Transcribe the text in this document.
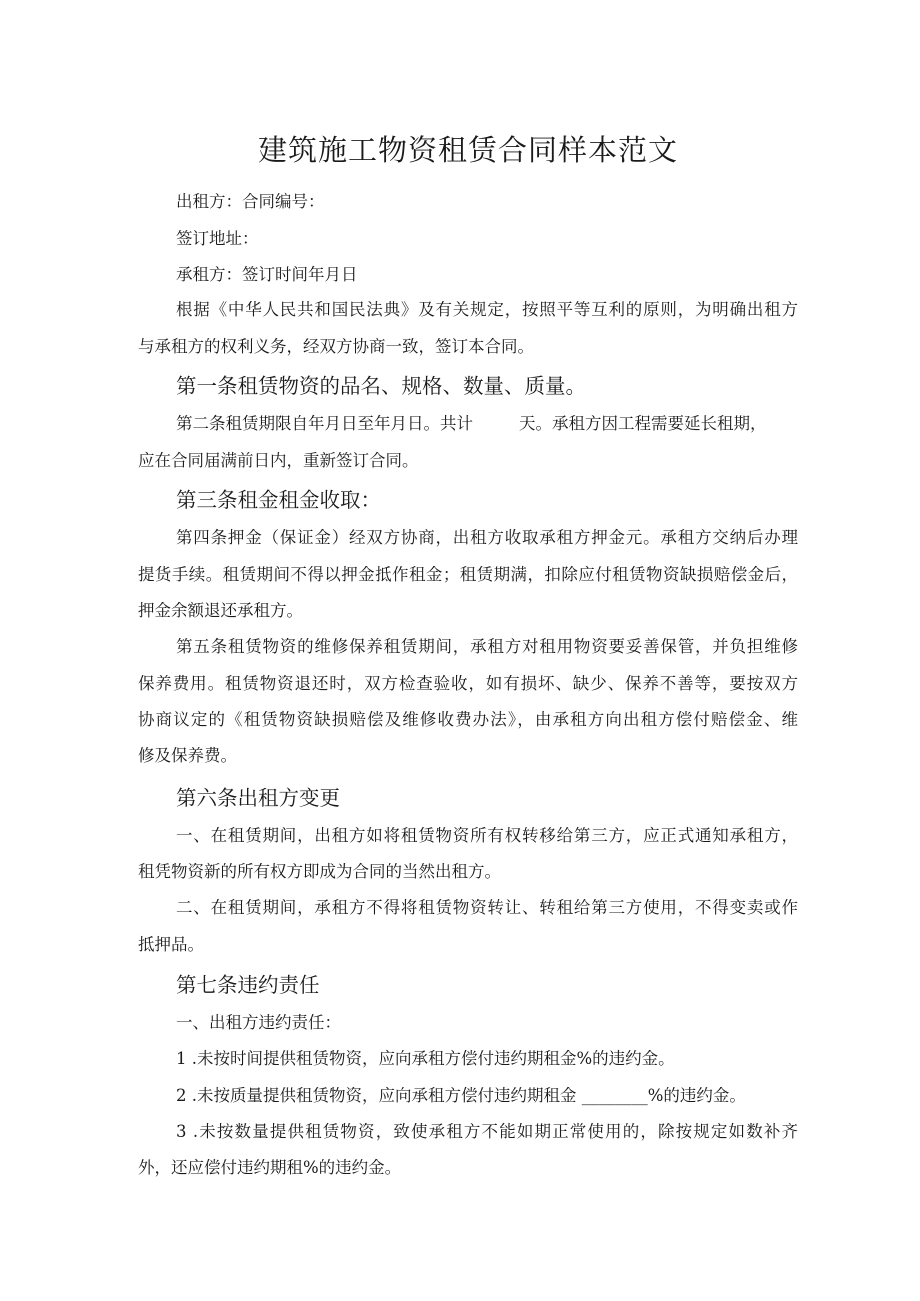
建筑施工物资租赁合同样本范文

出租方：合同编号：

签订地址：

承租方：签订时间年月日

根据《中华人民共和国民法典》及有关规定，按照平等互利的原则，为明确出租方

与承租方的权利义务，经双方协商一致，签订本合同。

第一条租赁物资的品名、规格、数量、质量。

第二条租赁期限自年月日至年月日。共计	天。承租方因工程需要延长租期，

应在合同届满前日内，重新签订合同。

第三条租金租金收取：

第四条押金（保证金）经双方协商，出租方收取承租方押金元。承租方交纳后办理

提货手续。租赁期间不得以押金抵作租金；租赁期满，扣除应付租赁物资缺损赔偿金后，

押金余额退还承租方。

第五条租赁物资的维修保养租赁期间，承租方对租用物资要妥善保管，并负担维修

保养费用。租赁物资退还时，双方检查验收，如有损坏、缺少、保养不善等，要按双方

协商议定的《租赁物资缺损赔偿及维修收费办法》，由承租方向出租方偿付赔偿金、维

修及保养费。

第六条出租方变更

一、在租赁期间，出租方如将租赁物资所有权转移给第三方，应正式通知承租方，

租凭物资新的所有权方即成为合同的当然出租方。

二、在租赁期间，承租方不得将租赁物资转让、转租给第三方使用，不得变卖或作

抵押品。

第七条违约责任

一、出租方违约责任：

1 .未按时间提供租赁物资，应向承租方偿付违约期租金%的违约金。

2 .未按质量提供租赁物资，应向承租方偿付违约期租金 ________%的违约金。

3 .未按数量提供租赁物资，致使承租方不能如期正常使用的，除按规定如数补齐

外，还应偿付违约期租%的违约金。
